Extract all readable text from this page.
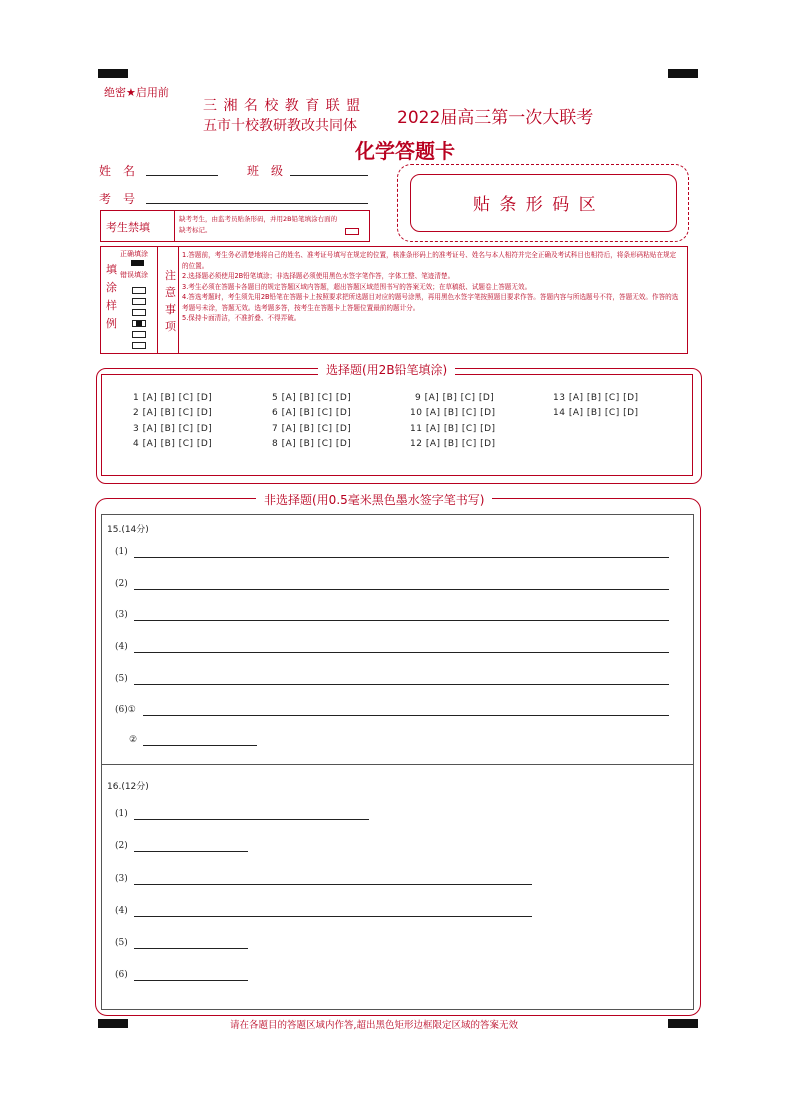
绝密★启用前
三 湘 名 校 教 育 联 盟
五市十校教研教改共同体 2022届高三第一次大联考
化学答题卡
姓　名	班　级
考　号
考生禁填
缺考考生，由监考员贴条形码，并用2B铅笔填涂右面的缺考标记。
贴 条 形 码 区
正确填涂
错误填涂
填
涂
样
例
注
意
事
项
1.答题前，考生务必清楚地将自己的姓名、准考证号填写在规定的位置，核准条形码上的准考证号、姓名与本人相符并完全正确及考试科目也相符后，将条形码粘贴在规定的位置。
2.选择题必须使用2B铅笔填涂；非选择题必须使用黑色水签字笔作答，字体工整、笔迹清楚。
3.考生必须在答题卡各题目的规定答题区域内答题，超出答题区域范围书写的答案无效；在草稿纸、试题卷上答题无效。
4.答选考题时，考生须先用2B铅笔在答题卡上按照要求把所选题目对应的题号涂黑，再用黑色水签字笔按照题目要求作答。答题内容与所选题号不符，答题无效。作答的选考题号未涂，答题无效。选考题多答，按考生在答题卡上答题位置最前的题计分。
5.保持卡面清洁，不准折叠、不得弄破。
选择题(用2B铅笔填涂)
1 [A] [B] [C] [D]
2 [A] [B] [C] [D]
3 [A] [B] [C] [D]
4 [A] [B] [C] [D]
5 [A] [B] [C] [D]
6 [A] [B] [C] [D]
7 [A] [B] [C] [D]
8 [A] [B] [C] [D]
9 [A] [B] [C] [D]
10 [A] [B] [C] [D]
11 [A] [B] [C] [D]
12 [A] [B] [C] [D]
13 [A] [B] [C] [D]
14 [A] [B] [C] [D]
非选择题(用0.5毫米黑色墨水签字笔书写)
15.(14分)
(1)
(2)
(3)
(4)
(5)
(6)①
②
16.(12分)
(1)
(2)
(3)
(4)
(5)
(6)
请在各题目的答题区域内作答,超出黑色矩形边框限定区域的答案无效
